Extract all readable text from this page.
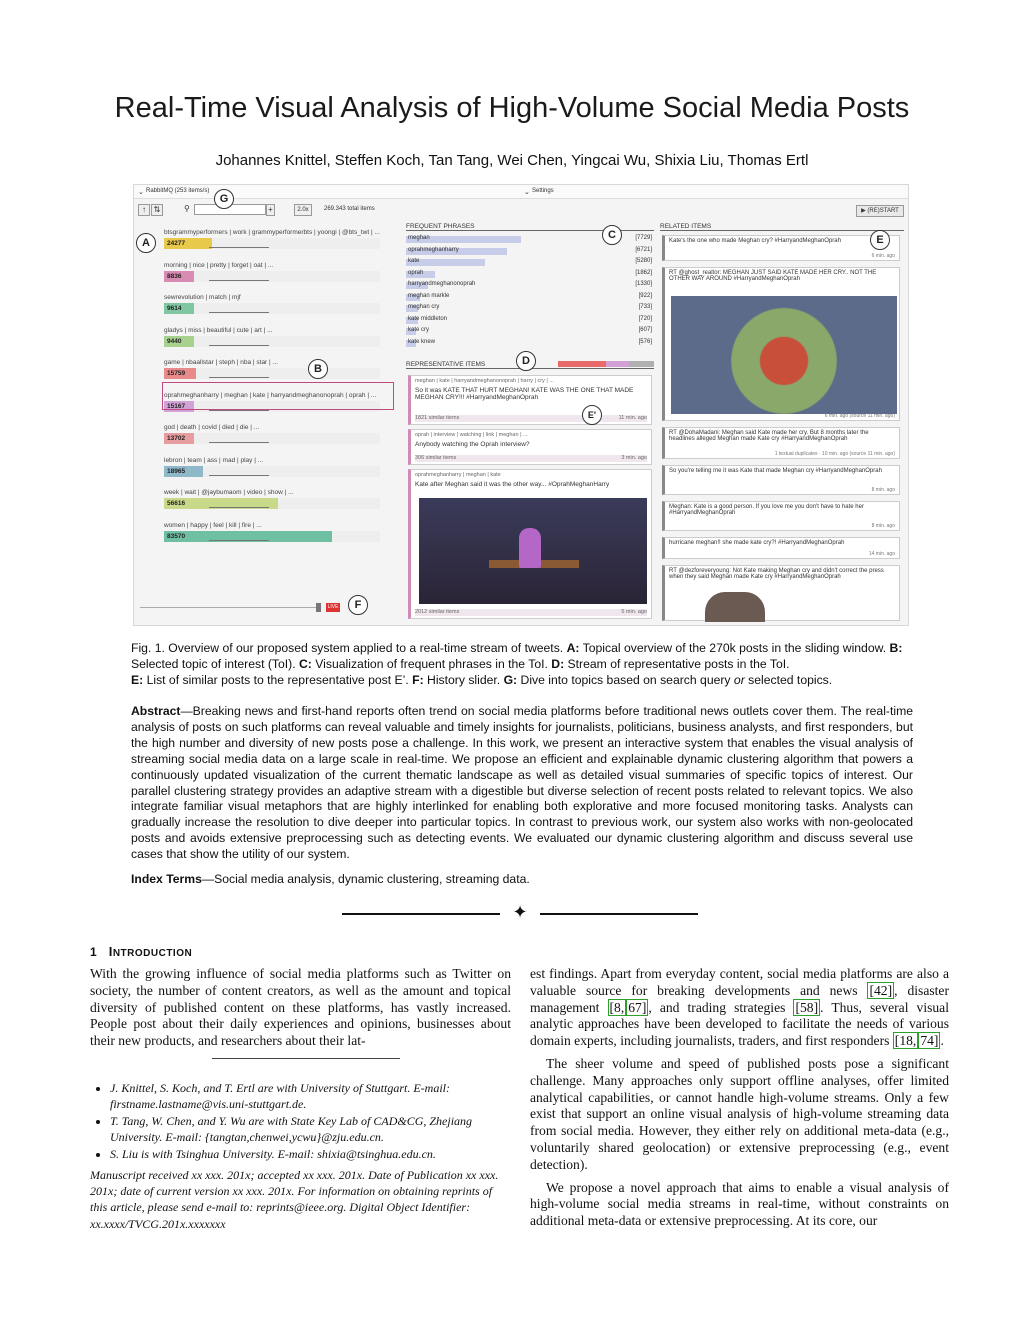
Real-Time Visual Analysis of High-Volume Social Media Posts
Johannes Knittel, Steffen Koch, Tan Tang, Wei Chen, Yingcai Wu, Shixia Liu, Thomas Ertl
⌄ RabbitMQ (253 items/s)	⌄ Settings
↑ ⇅	⚲	+	2.0x	269.343 total items
G
btsgrammyperformers | work | grammyperformerbts | yoongi | @bts_twt | ...
24277
morning | nice | pretty | forget | oat | ...
8836
sewrevolution | match | mjf
9614
gladys | miss | beautiful | cute | art | ...
9440
game | nbaallstar | steph | nba | star | ...
15759
oprahmeghanharry | meghan | kate | harryandmeghanonoprah | oprah | ...
15167
god | death | covid | died | die | ...
13702
lebron | team | ass | mad | play | ...
18965
week | wait | @jaybumaom | video | show | ...
56616
women | happy | feel | kill | fire | ...
83570
A
B
LIVE	F
FREQUENT PHRASES
meghan	[7729]
oprahmeghanharry	[6721]
kate	[5280]
oprah	[1862]
harryandmeghanonoprah	[1330]
meghan markle	[922]
meghan cry	[733]
kate middleton	[720]
kate cry	[607]
kate knew	[576]
REPRESENTATIVE ITEMS
meghan | kate | harryandmeghanonoprah | harry | cry | ...
So it was KATE THAT HURT MEGHAN! KATE WAS THE ONE THAT MADE MEGHAN CRY!!! #HarryandMeghanOprah
1821 similar items	11 min. ago
oprah | interview | watching | link | meghan | ...
Anybody watching the Oprah interview?
306 similar items	3 min. ago
oprahmeghanharry | meghan | kate
Kate after Meghan said it was the other way... #OprahMeghanHarry
2012 similar items	5 min. ago
C
D
E'
RELATED ITEMS
▶ (RE)START
Kate's the one who made Meghan cry? #HarryandMeghanOprah
6 min. ago
RT @ghost_realtor: MEGHAN JUST SAID KATE MADE HER CRY.. NOT THE OTHER WAY AROUND #HarryandMeghanOprah
6 min. ago (source 11 min. ago)
RT @DohaMadani: Meghan said Kate made her cry. But 8 months later the headlines alleged Meghan made Kate cry #HarryandMeghanOprah
1 textual duplicates · 10 min. ago (source 11 min. ago)
So you're telling me it was Kate that made Meghan cry #HarryandMeghanOprah
8 min. ago
Meghan: Kate is a good person. If you love me you don't have to hate her #HarryandMeghanOprah
8 min. ago
hurricane meghan!! she made kate cry?! #HarryandMeghanOprah
14 min. ago
RT @dezforeveryoung: Not Kate making Meghan cry and didn't correct the press when they said Meghan made Kate cry #HarryandMeghanOprah
E
Fig. 1. Overview of our proposed system applied to a real-time stream of tweets. A: Topical overview of the 270k posts in the sliding window. B: Selected topic of interest (ToI). C: Visualization of frequent phrases in the ToI. D: Stream of representative posts in the ToI.
E: List of similar posts to the representative post E’. F: History slider. G: Dive into topics based on search query or selected topics.
Abstract—Breaking news and first-hand reports often trend on social media platforms before traditional news outlets cover them. The real-time analysis of posts on such platforms can reveal valuable and timely insights for journalists, politicians, business analysts, and first responders, but the high number and diversity of new posts pose a challenge. In this work, we present an interactive system that enables the visual analysis of streaming social media data on a large scale in real-time. We propose an efficient and explainable dynamic clustering algorithm that powers a continuously updated visualization of the current thematic landscape as well as detailed visual summaries of specific topics of interest. Our parallel clustering strategy provides an adaptive stream with a digestible but diverse selection of recent posts related to relevant topics. We also integrate familiar visual metaphors that are highly interlinked for enabling both explorative and more focused monitoring tasks. Analysts can gradually increase the resolution to dive deeper into particular topics. In contrast to previous work, our system also works with non-geolocated posts and avoids extensive preprocessing such as detecting events. We evaluated our dynamic clustering algorithm and discuss several use cases that show the utility of our system.
Index Terms—Social media analysis, dynamic clustering, streaming data.
✦
1 INTRODUCTION
With the growing influence of social media platforms such as Twitter on society, the number of content creators, as well as the amount and topical diversity of published content on these platforms, has vastly increased. People post about their daily experiences and opinions, businesses about their new products, and researchers about their lat-
• J. Knittel, S. Koch, and T. Ertl are with University of Stuttgart. E-mail: firstname.lastname@vis.uni-stuttgart.de.
• T. Tang, W. Chen, and Y. Wu are with State Key Lab of CAD&CG, Zhejiang University. E-mail: {tangtan,chenwei,ycwu}@zju.edu.cn.
• S. Liu is with Tsinghua University. E-mail: shixia@tsinghua.edu.cn.
Manuscript received xx xxx. 201x; accepted xx xxx. 201x. Date of Publication xx xxx. 201x; date of current version xx xxx. 201x. For information on obtaining reprints of this article, please send e-mail to: reprints@ieee.org. Digital Object Identifier: xx.xxxx/TVCG.201x.xxxxxxx

est findings. Apart from everyday content, social media platforms are also a valuable source for breaking developments and news [42] , disaster management [8, 67] , and trading strategies [58] . Thus, several visual analytic approaches have been developed to facilitate the needs of various domain experts, including journalists, traders, and first responders [18, 74] .

The sheer volume and speed of published posts pose a significant challenge. Many approaches only support offline analyses, offer limited analytical capabilities, or cannot handle high-volume streams. Only a few exist that support an online visual analysis of high-volume streaming data from social media. However, they either rely on additional meta-data (e.g., voluntarily shared geolocation) or extensive preprocessing (e.g., event detection).

We propose a novel approach that aims to enable a visual analysis of high-volume social media streams in real-time, without constraints on additional meta-data or extensive preprocessing. At its core, our
